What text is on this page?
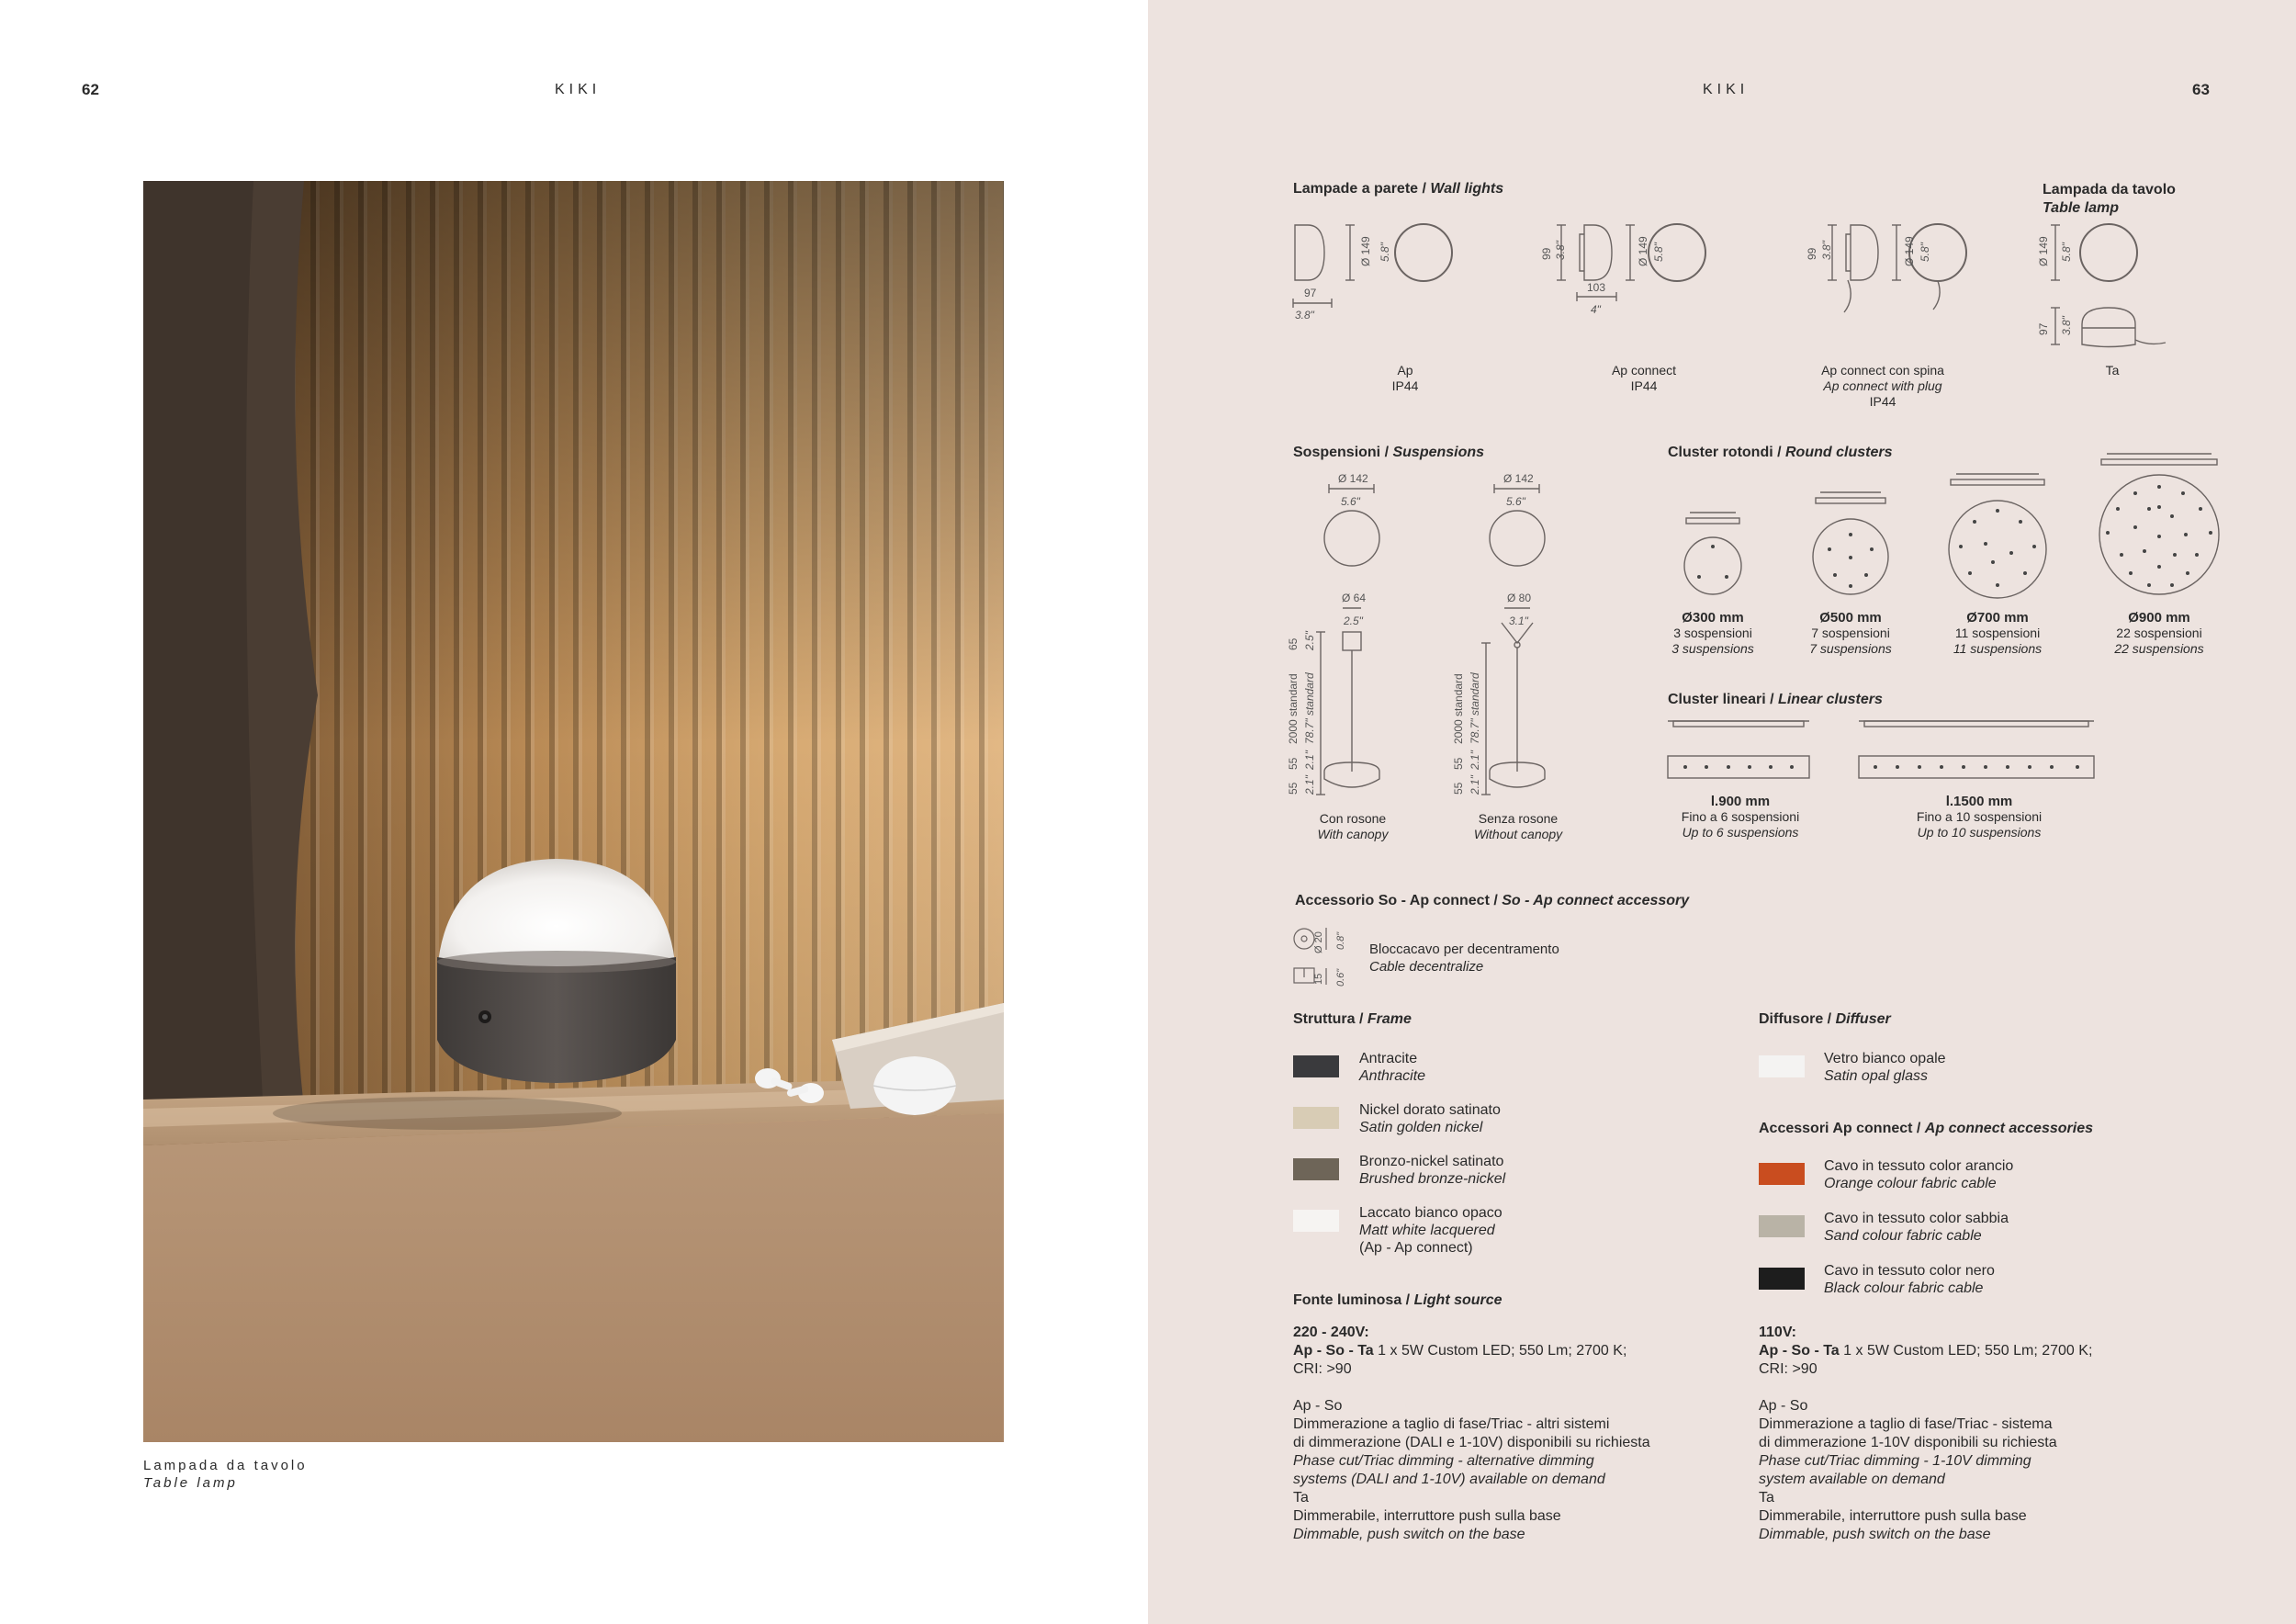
62	KIKI
Lampada da tavolo
Table lamp
KIKI	63
Lampade a parete / Wall lights
97
3.8"
Ø 149 5.8"	99 3.8"
103
4"
Ø 149 5.8"	99 3.8"	Ø 149 5.8"
Ap
IP44
Ap connect
IP44
Ap connect con spina
Ap connect with plug
IP44
Lampada da tavolo
Table lamp
Ø 149 5.8"
97 3.8"
Ta
Sospensioni / Suspensions
Ø 142
5.6"
Ø 64
2.5"
65 2.5"
2000 standard 78.7" standard
55 2.1"
55 2.1"
Ø 142
5.6"
Ø 80
3.1"
2000 standard 78.7" standard
55 2.1"
55 2.1"
Con rosone
With canopy
Senza rosone
Without canopy
Cluster rotondi / Round clusters
Ø300 mm
3 sospensioni
3 suspensions
Ø500 mm
7 sospensioni
7 suspensions
Ø700 mm
11 sospensioni
11 suspensions
Ø900 mm
22 sospensioni
22 suspensions
Cluster lineari / Linear clusters
l.900 mm
Fino a 6 sospensioni
Up to 6 suspensions
l.1500 mm
Fino a 10 sospensioni
Up to 10 suspensions
Accessorio So - Ap connect / So - Ap connect accessory
Ø 20 0.8"
15 0.6"
Bloccacavo per decentramento
Cable decentralize
Struttura / Frame
Antracite
Anthracite
Nickel dorato satinato
Satin golden nickel
Bronzo-nickel satinato
Brushed bronze-nickel
Laccato bianco opaco
Matt white lacquered
(Ap - Ap connect)
Diffusore / Diffuser
Vetro bianco opale
Satin opal glass
Accessori Ap connect / Ap connect accessories
Cavo in tessuto color arancio
Orange colour fabric cable
Cavo in tessuto color sabbia
Sand colour fabric cable
Cavo in tessuto color nero
Black colour fabric cable
Fonte luminosa / Light source
220 - 240V:
Ap - So - Ta 1 x 5W Custom LED; 550 Lm; 2700 K;
CRI: >90
Ap - So
Dimmerazione a taglio di fase/Triac - altri sistemi
di dimmerazione (DALI e 1-10V) disponibili su richiesta
Phase cut/Triac dimming - alternative dimming
systems (DALI and 1-10V) available on demand
Ta
Dimmerabile, interruttore push sulla base
Dimmable, push switch on the base
110V:
Ap - So - Ta 1 x 5W Custom LED; 550 Lm; 2700 K;
CRI: >90
Ap - So
Dimmerazione a taglio di fase/Triac - sistema
di dimmerazione 1-10V disponibili su richiesta
Phase cut/Triac dimming - 1-10V dimming
system available on demand
Ta
Dimmerabile, interruttore push sulla base
Dimmable, push switch on the base
